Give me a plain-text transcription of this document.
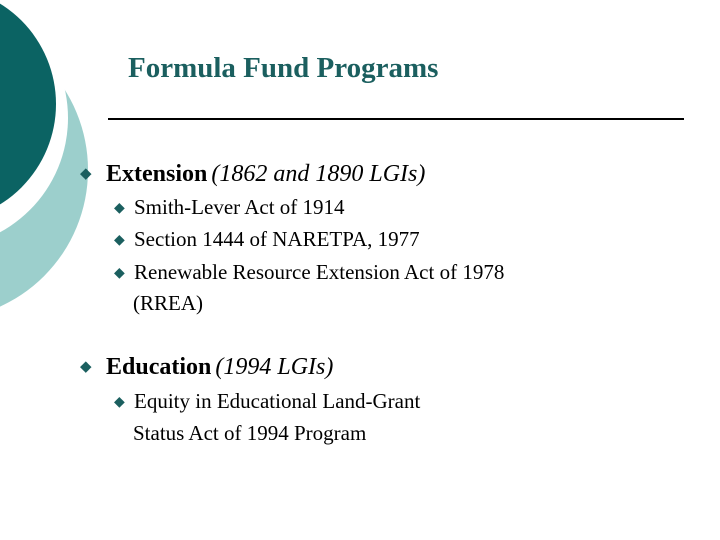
Formula Fund Programs
◆ Extension (1862 and 1890 LGIs)
◆ Smith-Lever Act of 1914
◆ Section 1444 of NARETPA, 1977
◆ Renewable Resource Extension Act of 1978
(RREA)
◆ Education (1994 LGIs)
◆ Equity in Educational Land-Grant
Status Act of 1994 Program
